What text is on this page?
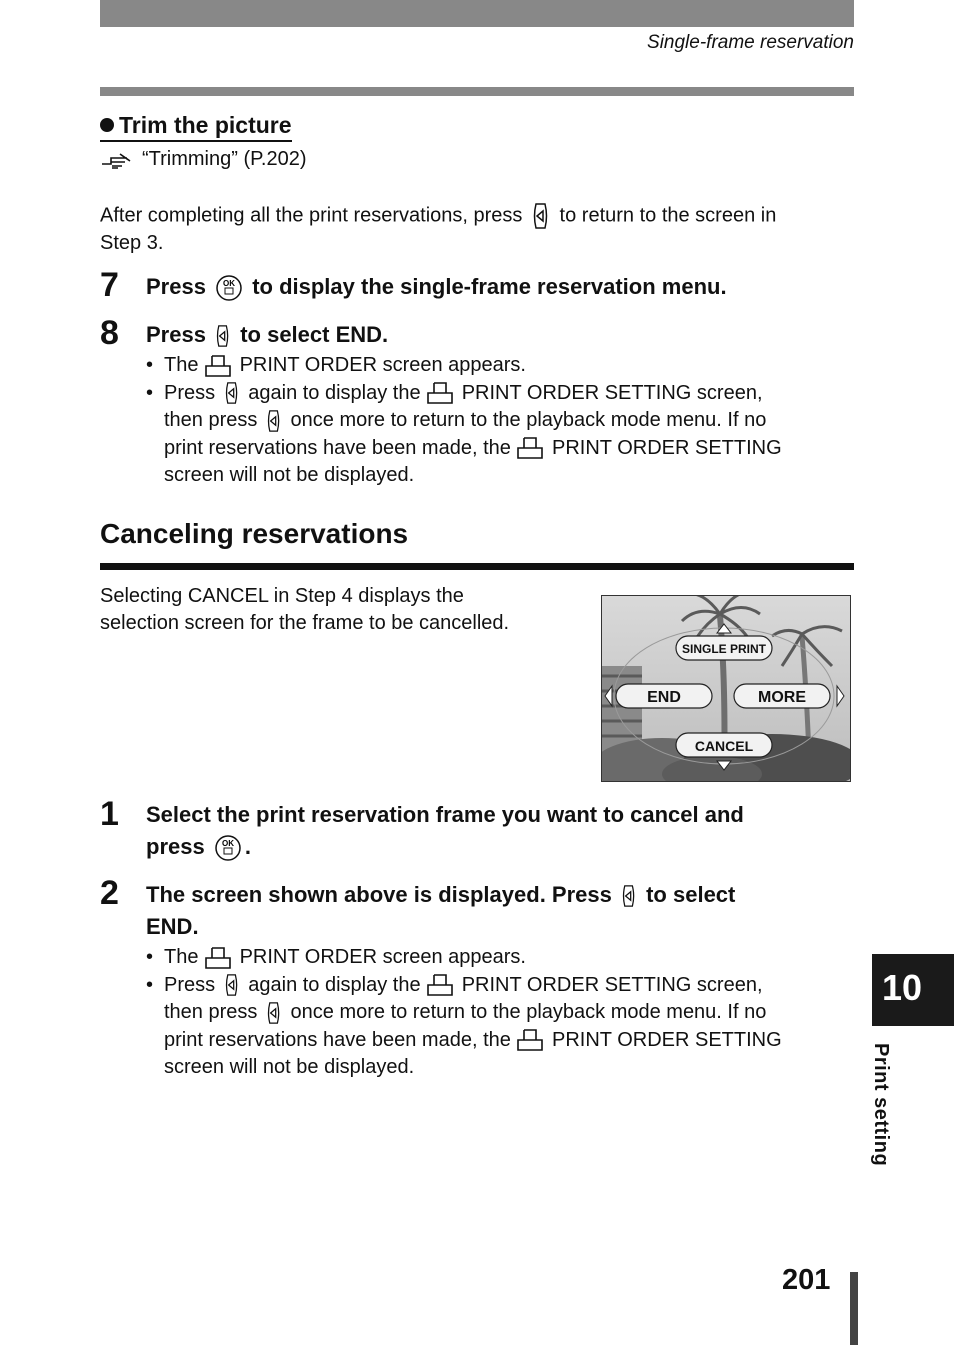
Single-frame reservation
Trim the picture
“Trimming” (P.202)
After completing all the print reservations, press to return to the screen in
Step 3.
7 Press OK to display the single-frame reservation menu.
8 Press to select END.
• The PRINT ORDER screen appears.
• Press again to display the PRINT ORDER SETTING screen,
then press once more to return to the playback mode menu. If no
print reservations have been made, the PRINT ORDER SETTING
screen will not be displayed.
Canceling reservations
Selecting CANCEL in Step 4 displays the
selection screen for the frame to be cancelled.
SINGLE PRINT
END	MORE
CANCEL
1 Select the print reservation frame you want to cancel and
press OK .
2 The screen shown above is displayed. Press to select
END.
• The PRINT ORDER screen appears.
• Press again to display the PRINT ORDER SETTING screen,
then press once more to return to the playback mode menu. If no
print reservations have been made, the PRINT ORDER SETTING
screen will not be displayed.
10
Print setting
201
